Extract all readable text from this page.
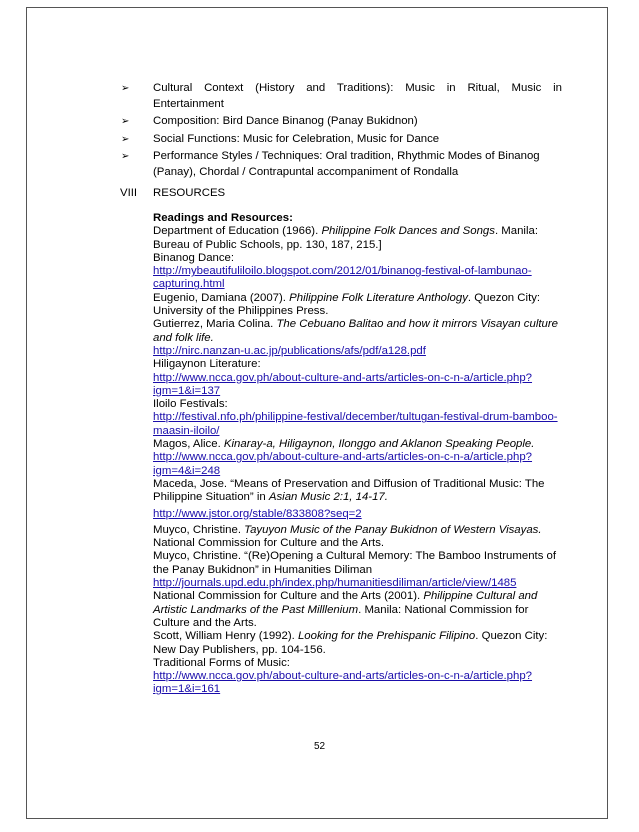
➢ Cultural Context (History and Traditions): Music in Ritual, Music in
Entertainment
➢ Composition: Bird Dance Binanog (Panay Bukidnon)
➢ Social Functions: Music for Celebration, Music for Dance
➢ Performance Styles / Techniques: Oral tradition, Rhythmic Modes of Binanog
(Panay), Chordal / Contrapuntal accompaniment of Rondalla
VIII RESOURCES
Readings and Resources:
Department of Education (1966). Philippine Folk Dances and Songs. Manila: Bureau of Public Schools, pp. 130, 187, 215.]
Binanog Dance:
http://mybeautifuliloilo.blogspot.com/2012/01/binanog-festival-of-lambunao-capturing.html
Eugenio, Damiana (2007). Philippine Folk Literature Anthology. Quezon City: University of the Philippines Press.
Gutierrez, Maria Colina. The Cebuano Balitao and how it mirrors Visayan culture and folk life.
http://nirc.nanzan-u.ac.jp/publications/afs/pdf/a128.pdf
Hiligaynon Literature:
http://www.ncca.gov.ph/about-culture-and-arts/articles-on-c-n-a/article.php?igm=1&i=137
Iloilo Festivals:
http://festival.nfo.ph/philippine-festival/december/tultugan-festival-drum-bamboo-maasin-iloilo/
Magos, Alice. Kinaray-a, Hiligaynon, Ilonggo and Aklanon Speaking People.
http://www.ncca.gov.ph/about-culture-and-arts/articles-on-c-n-a/article.php?igm=4&i=248
Maceda, Jose. “Means of Preservation and Diffusion of Traditional Music: The Philippine Situation” in Asian Music 2:1, 14-17.
http://www.jstor.org/stable/833808?seq=2
Muyco, Christine. Tayuyon Music of the Panay Bukidnon of Western Visayas. National Commission for Culture and the Arts.
Muyco, Christine. “(Re)Opening a Cultural Memory: The Bamboo Instruments of the Panay Bukidnon” in Humanities Diliman
http://journals.upd.edu.ph/index.php/humanitiesdiliman/article/view/1485
National Commission for Culture and the Arts (2001). Philippine Cultural and Artistic Landmarks of the Past Milllenium. Manila: National Commission for Culture and the Arts.
Scott, William Henry (1992). Looking for the Prehispanic Filipino. Quezon City: New Day Publishers, pp. 104-156.
Traditional Forms of Music:
http://www.ncca.gov.ph/about-culture-and-arts/articles-on-c-n-a/article.php?igm=1&i=161
52
